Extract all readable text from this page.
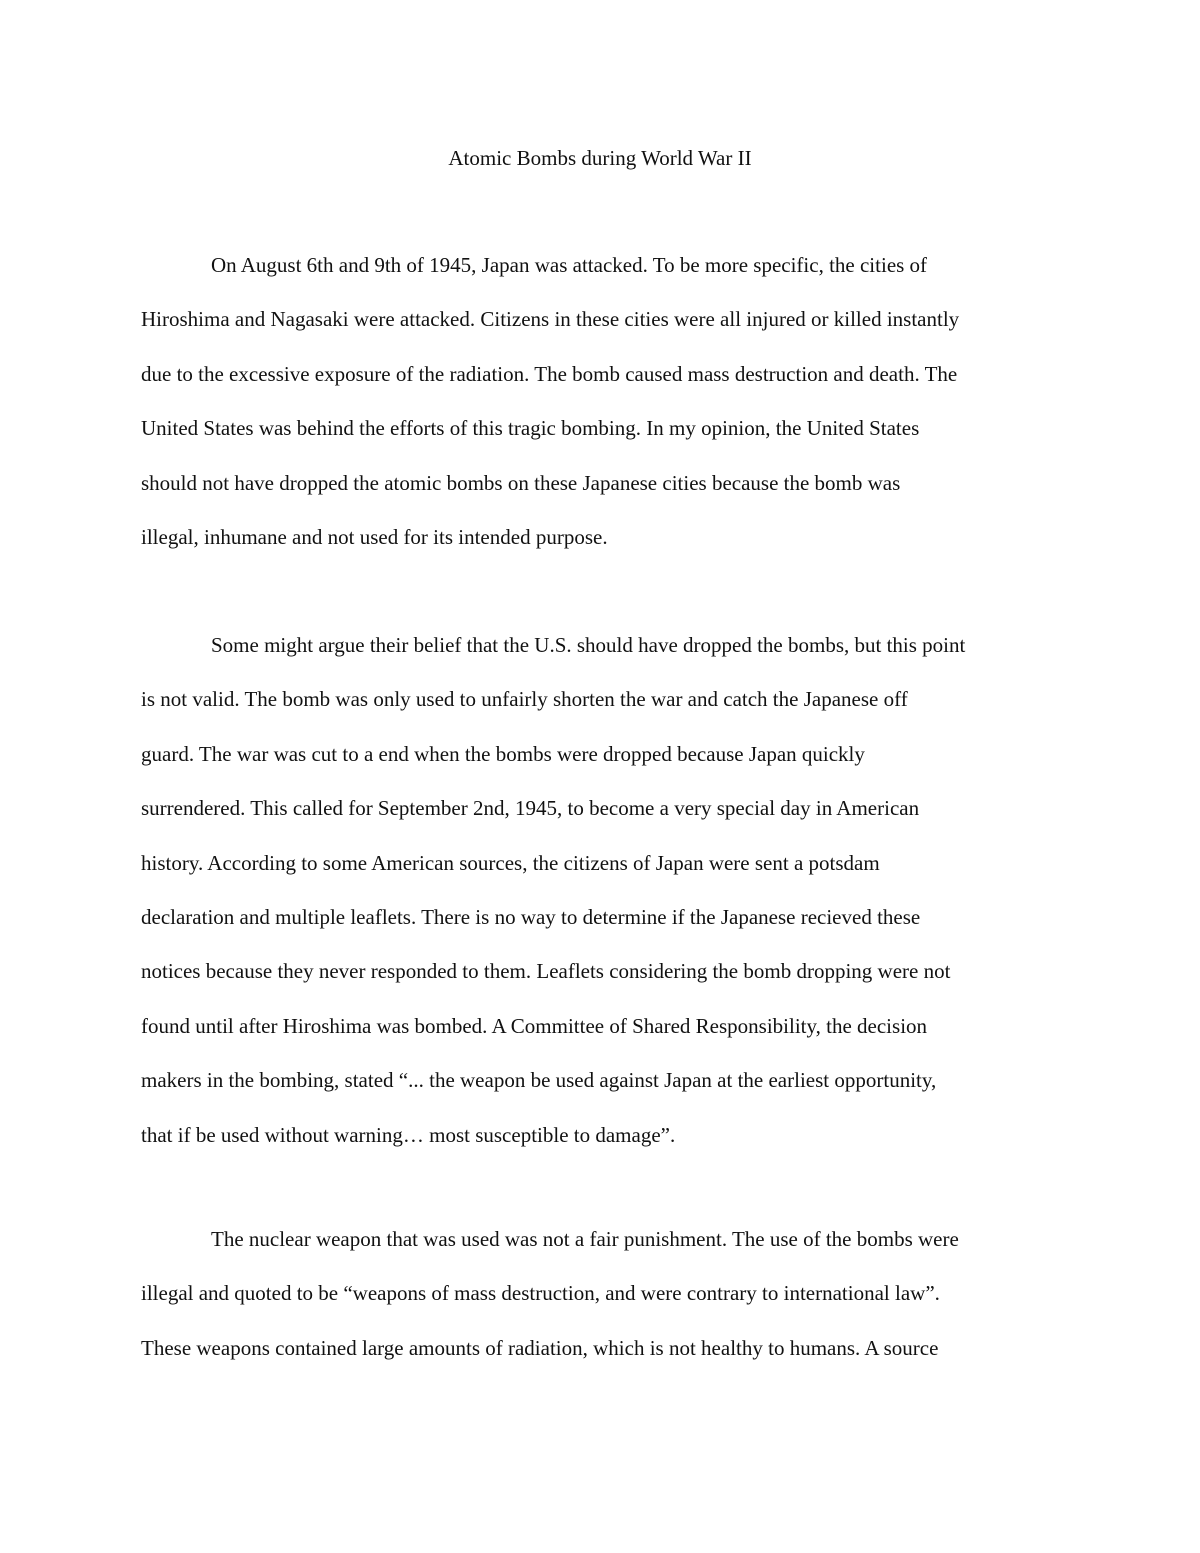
Atomic Bombs during World War II
On August 6th and 9th of 1945, Japan was attacked. To be more specific, the cities of
Hiroshima and Nagasaki were attacked. Citizens in these cities were all injured or killed instantly
due to the excessive exposure of the radiation. The bomb caused mass destruction and death. The
United States was behind the efforts of this tragic bombing. In my opinion, the United States
should not have dropped the atomic bombs on these Japanese cities because the bomb was
illegal, inhumane and not used for its intended purpose.
Some might argue their belief that the U.S. should have dropped the bombs, but this point
is not valid. The bomb was only used to unfairly shorten the war and catch the Japanese off
guard. The war was cut to a end when the bombs were dropped because Japan quickly
surrendered. This called for September 2nd, 1945, to become a very special day in American
history. According to some American sources, the citizens of Japan were sent a potsdam
declaration and multiple leaflets. There is no way to determine if the Japanese recieved these
notices because they never responded to them. Leaflets considering the bomb dropping were not
found until after Hiroshima was bombed. A Committee of Shared Responsibility, the decision
makers in the bombing, stated “... the weapon be used against Japan at the earliest opportunity,
that if be used without warning… most susceptible to damage”.
The nuclear weapon that was used was not a fair punishment. The use of the bombs were
illegal and quoted to be “weapons of mass destruction, and were contrary to international law”.
These weapons contained large amounts of radiation, which is not healthy to humans. A source
